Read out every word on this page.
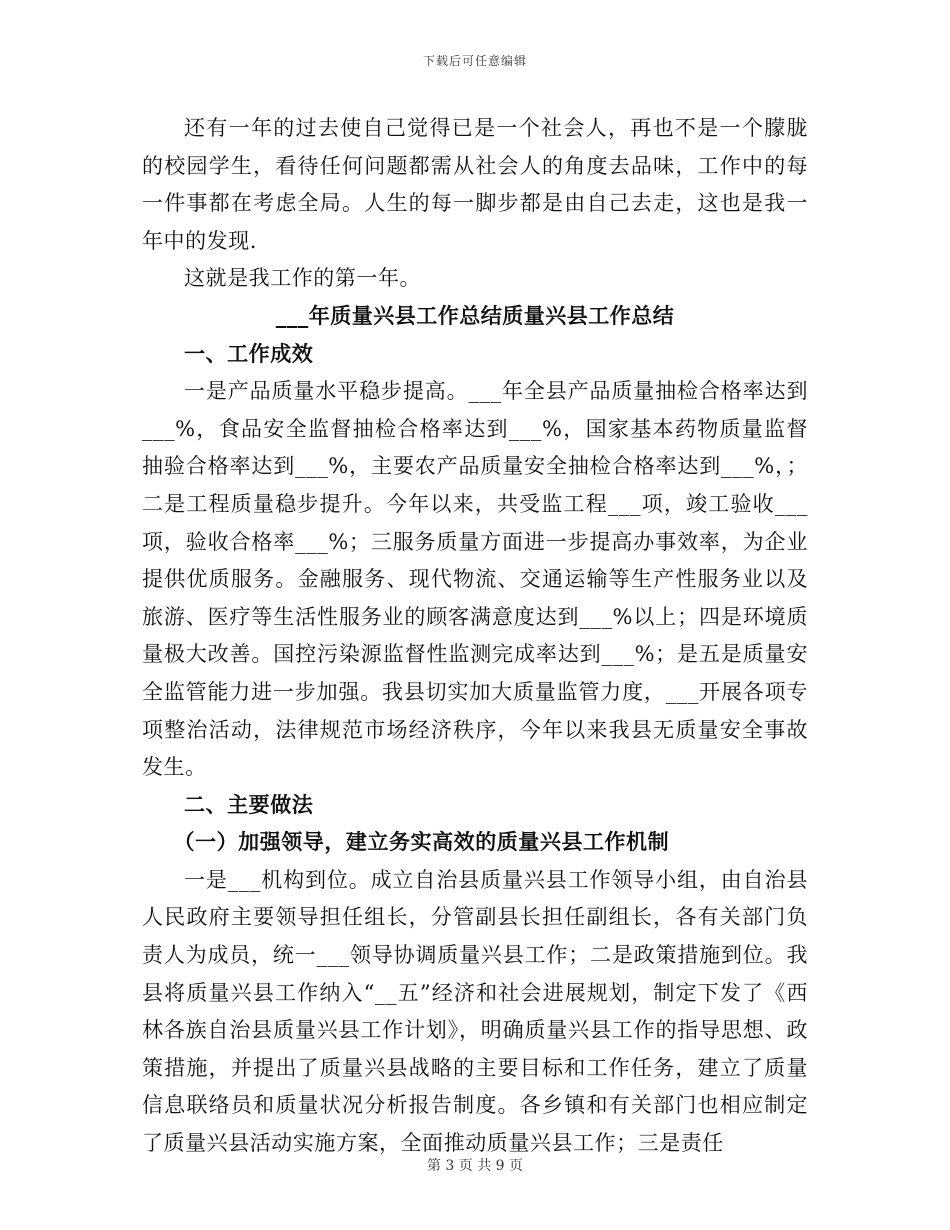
下载后可任意编辑

还有一年的过去使自己觉得已是一个社会人，再也不是一个朦胧的校园学生，看待任何问题都需从社会人的角度去品味，工作中的每一件事都在考虑全局。人生的每一脚步都是由自己去走，这也是我一年中的发现.

这就是我工作的第一年。

___年质量兴县工作总结质量兴县工作总结

一、工作成效

一是产品质量水平稳步提高。___年全县产品质量抽检合格率达到___%，食品安全监督抽检合格率达到___%，国家基本药物质量监督抽验合格率达到___%，主要农产品质量安全抽检合格率达到___%，；二是工程质量稳步提升。今年以来，共受监工程___项，竣工验收___项，验收合格率___%；三服务质量方面进一步提高办事效率，为企业提供优质服务。金融服务、现代物流、交通运输等生产性服务业以及旅游、医疗等生活性服务业的顾客满意度达到___%以上；四是环境质量极大改善。国控污染源监督性监测完成率达到___%；是五是质量安全监管能力进一步加强。我县切实加大质量监管力度，___开展各项专项整治活动，法律规范市场经济秩序，今年以来我县无质量安全事故发生。

二、主要做法

（一）加强领导，建立务实高效的质量兴县工作机制

一是___机构到位。成立自治县质量兴县工作领导小组，由自治县人民政府主要领导担任组长，分管副县长担任副组长，各有关部门负责人为成员，统一___领导协调质量兴县工作；二是政策措施到位。我县将质量兴县工作纳入“__五”经济和社会进展规划，制定下发了《西林各族自治县质量兴县工作计划》，明确质量兴县工作的指导思想、政策措施，并提出了质量兴县战略的主要目标和工作任务，建立了质量信息联络员和质量状况分析报告制度。各乡镇和有关部门也相应制定了质量兴县活动实施方案，全面推动质量兴县工作；三是责任

第 3 页 共 9 页
